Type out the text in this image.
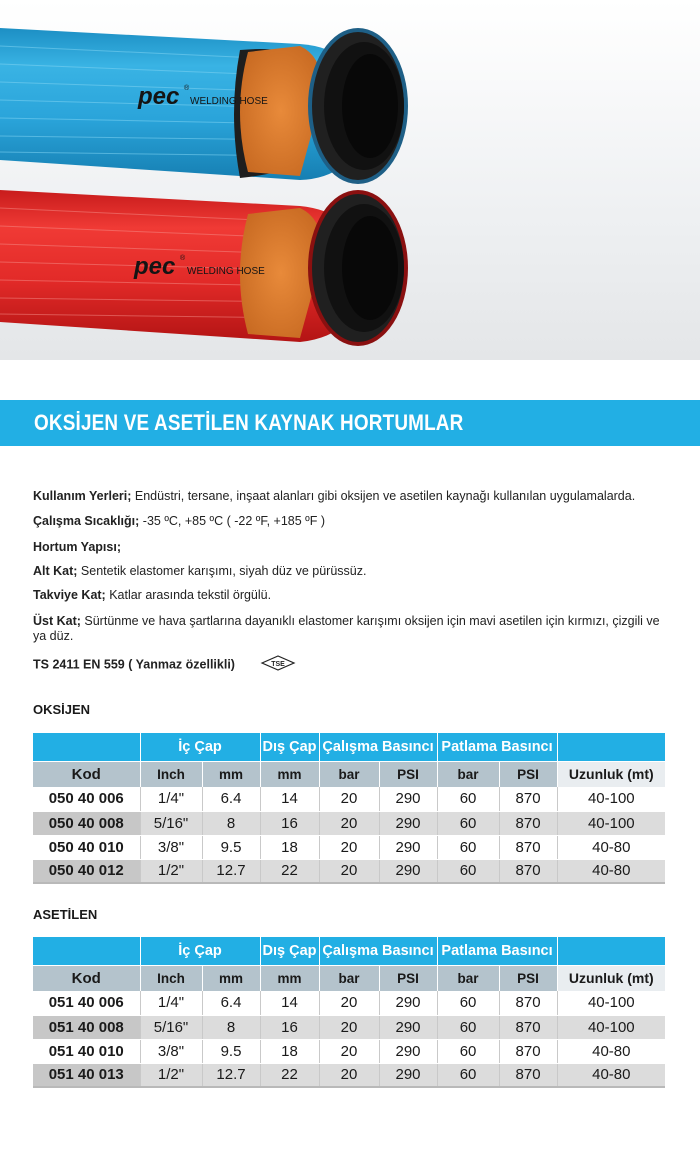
pec ®
WELDING HOSE
pec ®
WELDING HOSE
OKSİJEN VE ASETİLEN KAYNAK HORTUMLAR
Kullanım Yerleri; Endüstri, tersane, inşaat alanları gibi oksijen ve asetilen kaynağı kullanılan uygulamalarda.
Çalışma Sıcaklığı; -35 ºC, +85 ºC ( -22 ºF, +185 ºF )
Hortum Yapısı;
Alt Kat; Sentetik elastomer karışımı, siyah düz ve pürüssüz.
Takviye Kat; Katlar arasında tekstil örgülü.
Üst Kat; Sürtünme ve hava şartlarına dayanıklı elastomer karışımı oksijen için mavi asetilen için kırmızı, çizgili ve ya düz.
TS 2411 EN 559 ( Yanmaz özellikli)	TSE
OKSİJEN
	İç Çap		Dış Çap	Çalışma Basıncı		Patlama Basıncı		
Kod	Inch	mm	mm	bar	PSI	bar	PSI	Uzunluk (mt)
050 40 006	1/4"	6.4	14	20	290	60	870	40-100
050 40 008	5/16"	8	16	20	290	60	870	40-100
050 40 010	3/8"	9.5	18	20	290	60	870	40-80
050 40 012	1/2"	12.7	22	20	290	60	870	40-80
ASETİLEN
	İç Çap		Dış Çap	Çalışma Basıncı		Patlama Basıncı		
Kod	Inch	mm	mm	bar	PSI	bar	PSI	Uzunluk (mt)
051 40 006	1/4"	6.4	14	20	290	60	870	40-100
051 40 008	5/16"	8	16	20	290	60	870	40-100
051 40 010	3/8"	9.5	18	20	290	60	870	40-80
051 40 013	1/2"	12.7	22	20	290	60	870	40-80
